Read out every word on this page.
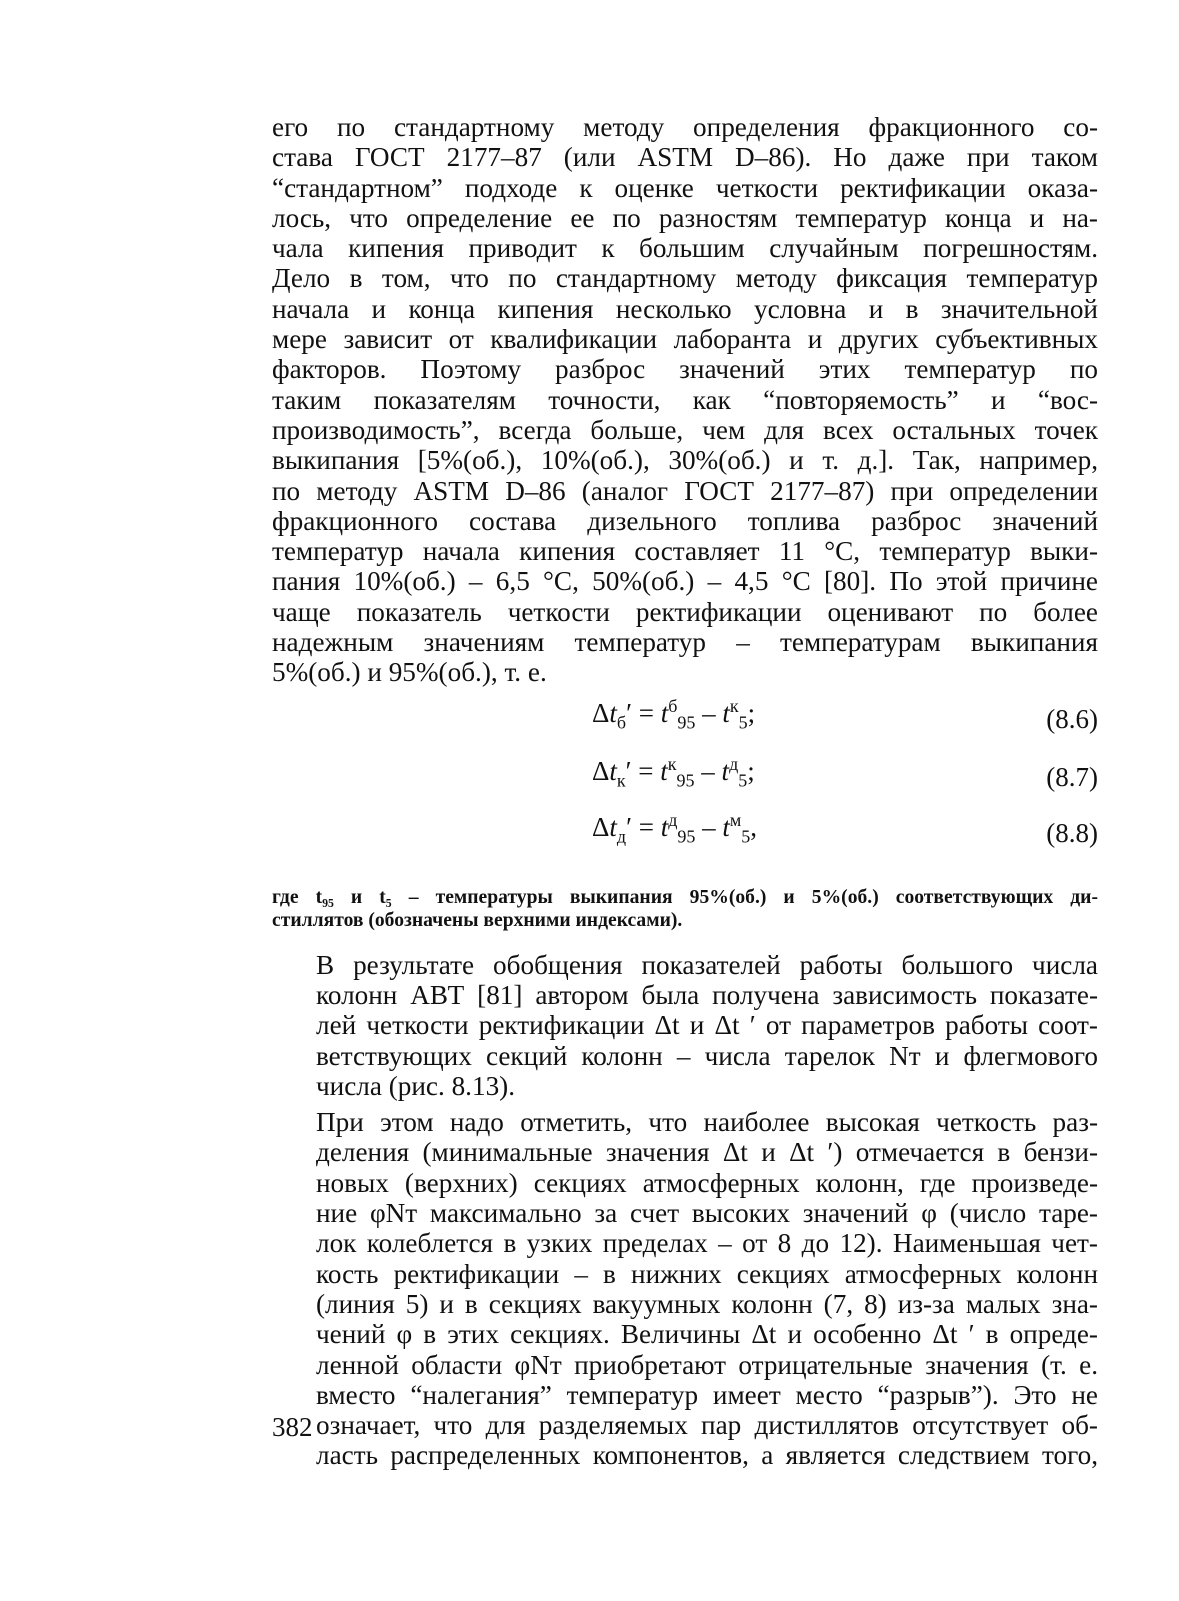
его по стандартному методу определения фракционного со-
става ГОСТ 2177–87 (или ASTM D–86). Но даже при таком
“стандартном” подходе к оценке четкости ректификации оказа-
лось, что определение ее по разностям температур конца и на-
чала кипения приводит к большим случайным погрешностям.
Дело в том, что по стандартному методу фиксация температур
начала и конца кипения несколько условна и в значительной
мере зависит от квалификации лаборанта и других субъективных
факторов. Поэтому разброс значений этих температур по
таким показателям точности, как “повторяемость” и “вос-
производимость”, всегда больше, чем для всех остальных точек
выкипания [5%(об.), 10%(об.), 30%(об.) и т. д.]. Так, например,
по методу ASTM D–86 (аналог ГОСТ 2177–87) при определении
фракционного состава дизельного топлива разброс значений
температур начала кипения составляет 11 °С, температур выки-
пания 10%(об.) – 6,5 °С, 50%(об.) – 4,5 °С [80]. По этой причине
чаще показатель четкости ректификации оценивают по более
надежным значениям температур – температурам выкипания
5%(об.) и 95%(об.), т. е.

$\Delta t_б' = t^б_{95} - t^к_5$;	(8.6)
$\Delta t_к' = t^к_{95} - t^д_5$;	(8.7)
$\Delta t_д' = t^д_{95} - t^м_5$,	(8.8)
где t₉₅ и t₅ – температуры выкипания 95%(об.) и 5%(об.) соответствующих ди-
стиллятов (обозначены верхними индексами).

В результате обобщения показателей работы большого числа
колонн АВТ [81] автором была получена зависимость показате-
лей четкости ректификации Δt и Δt ′ от параметров работы соот-
ветствующих секций колонн – числа тарелок Nт и флегмового
числа (рис. 8.13).

При этом надо отметить, что наиболее высокая четкость раз-
деления (минимальные значения Δt и Δt ′) отмечается в бензи-
новых (верхних) секциях атмосферных колонн, где произведе-
ние φNт максимально за счет высоких значений φ (число таре-
лок колеблется в узких пределах – от 8 до 12). Наименьшая чет-
кость ректификации – в нижних секциях атмосферных колонн
(линия 5) и в секциях вакуумных колонн (7, 8) из-за малых зна-
чений φ в этих секциях. Величины Δt и особенно Δt ′ в опреде-
ленной области φNт приобретают отрицательные значения (т. е.
вместо “налегания” температур имеет место “разрыв”). Это не
означает, что для разделяемых пар дистиллятов отсутствует об-
ласть распределенных компонентов, а является следствием того,

382
